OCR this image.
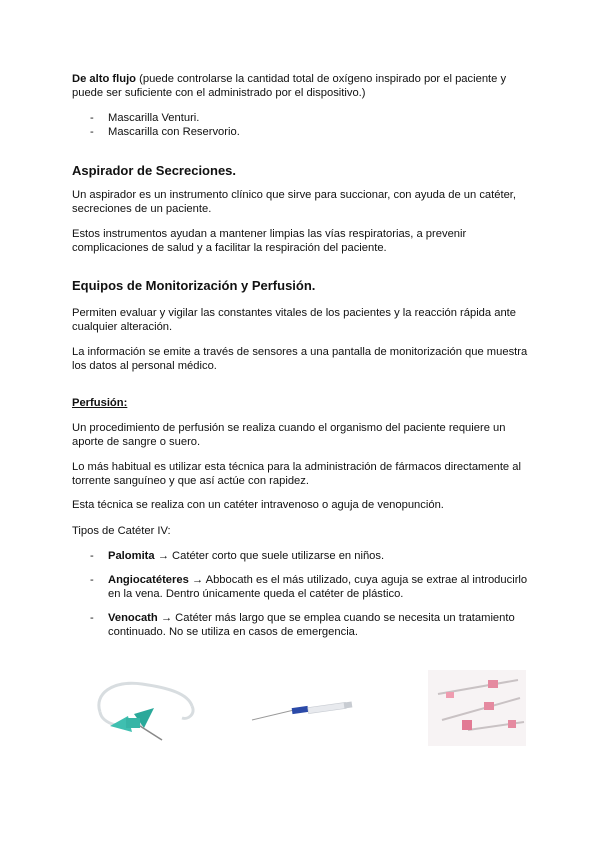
De alto flujo (puede controlarse la cantidad total de oxígeno inspirado por el paciente y puede ser suficiente con el administrado por el dispositivo.)

- Mascarilla Venturi.
- Mascarilla con Reservorio.
Aspirador de Secreciones.

Un aspirador es un instrumento clínico que sirve para succionar, con ayuda de un catéter, secreciones de un paciente.

Estos instrumentos ayudan a mantener limpias las vías respiratorias, a prevenir complicaciones de salud y a facilitar la respiración del paciente.

Equipos de Monitorización y Perfusión.

Permiten evaluar y vigilar las constantes vitales de los pacientes y la reacción rápida ante cualquier alteración.

La información se emite a través de sensores a una pantalla de monitorización que muestra los datos al personal médico.

Perfusión:

Un procedimiento de perfusión se realiza cuando el organismo del paciente requiere un aporte de sangre o suero.

Lo más habitual es utilizar esta técnica para la administración de fármacos directamente al torrente sanguíneo y que así actúe con rapidez.

Esta técnica se realiza con un catéter intravenoso o aguja de venopunción.

Tipos de Catéter IV:

- Palomita → Catéter corto que suele utilizarse en niños.
- Angiocatéteres → Abbocath es el más utilizado, cuya aguja se extrae al introducirlo en la vena. Dentro únicamente queda el catéter de plástico.
- Venocath → Catéter más largo que se emplea cuando se necesita un tratamiento continuado. No se utiliza en casos de emergencia.
